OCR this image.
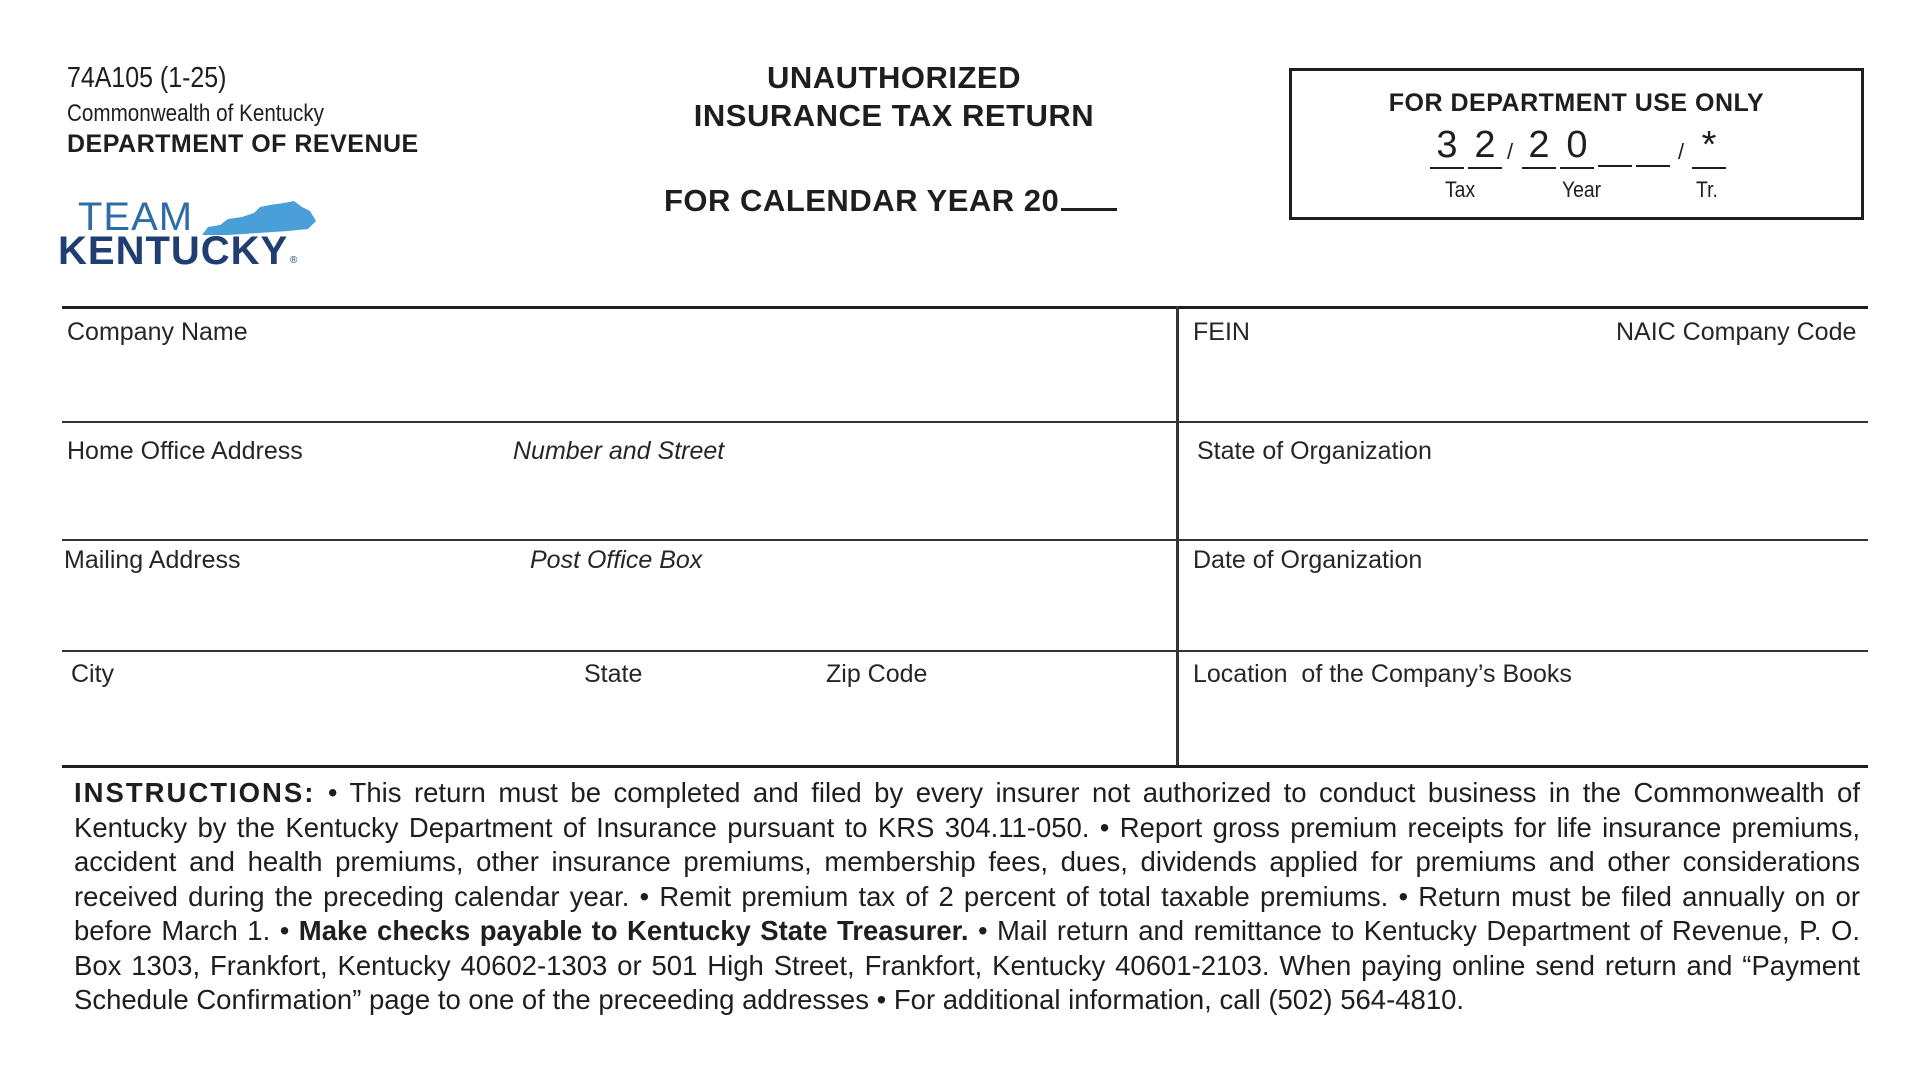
74A105 (1-25)
Commonwealth of Kentucky
DEPARTMENT OF REVENUE
TEAM
KENTUCKY ®
UNAUTHORIZED
INSURANCE TAX RETURN
FOR CALENDAR YEAR 20
FOR DEPARTMENT USE ONLY
3 2 / 2 0	/ *
Tax	Year	Tr.
Company Name	FEIN	NAIC Company Code
Home Office Address	Number and Street	State of Organization
Mailing Address	Post Office Box	Date of Organization
City	State	Zip Code	Location  of the Company’s Books
INSTRUCTIONS: • This return must be completed and filed by every insurer not authorized to conduct business in the Commonwealth of Kentucky by the Kentucky Department of Insurance pursuant to KRS 304.11-050. • Report gross premium receipts for life insurance premiums, accident and health premiums, other insurance premiums, membership fees, dues, dividends applied for premiums and other considerations received during the preceding calendar year. • Remit premium tax of 2 percent of total taxable premiums. • Return must be filed annually on or before March 1. • Make checks payable to Kentucky State Treasurer. • Mail return and remittance to Kentucky Department of Revenue, P. O. Box 1303, Frankfort, Kentucky 40602-1303 or 501 High Street, Frankfort, Kentucky 40601-2103. When paying online send return and “Payment Schedule Confirmation” page to one of the preceeding addresses • For additional information, call (502) 564-4810.
